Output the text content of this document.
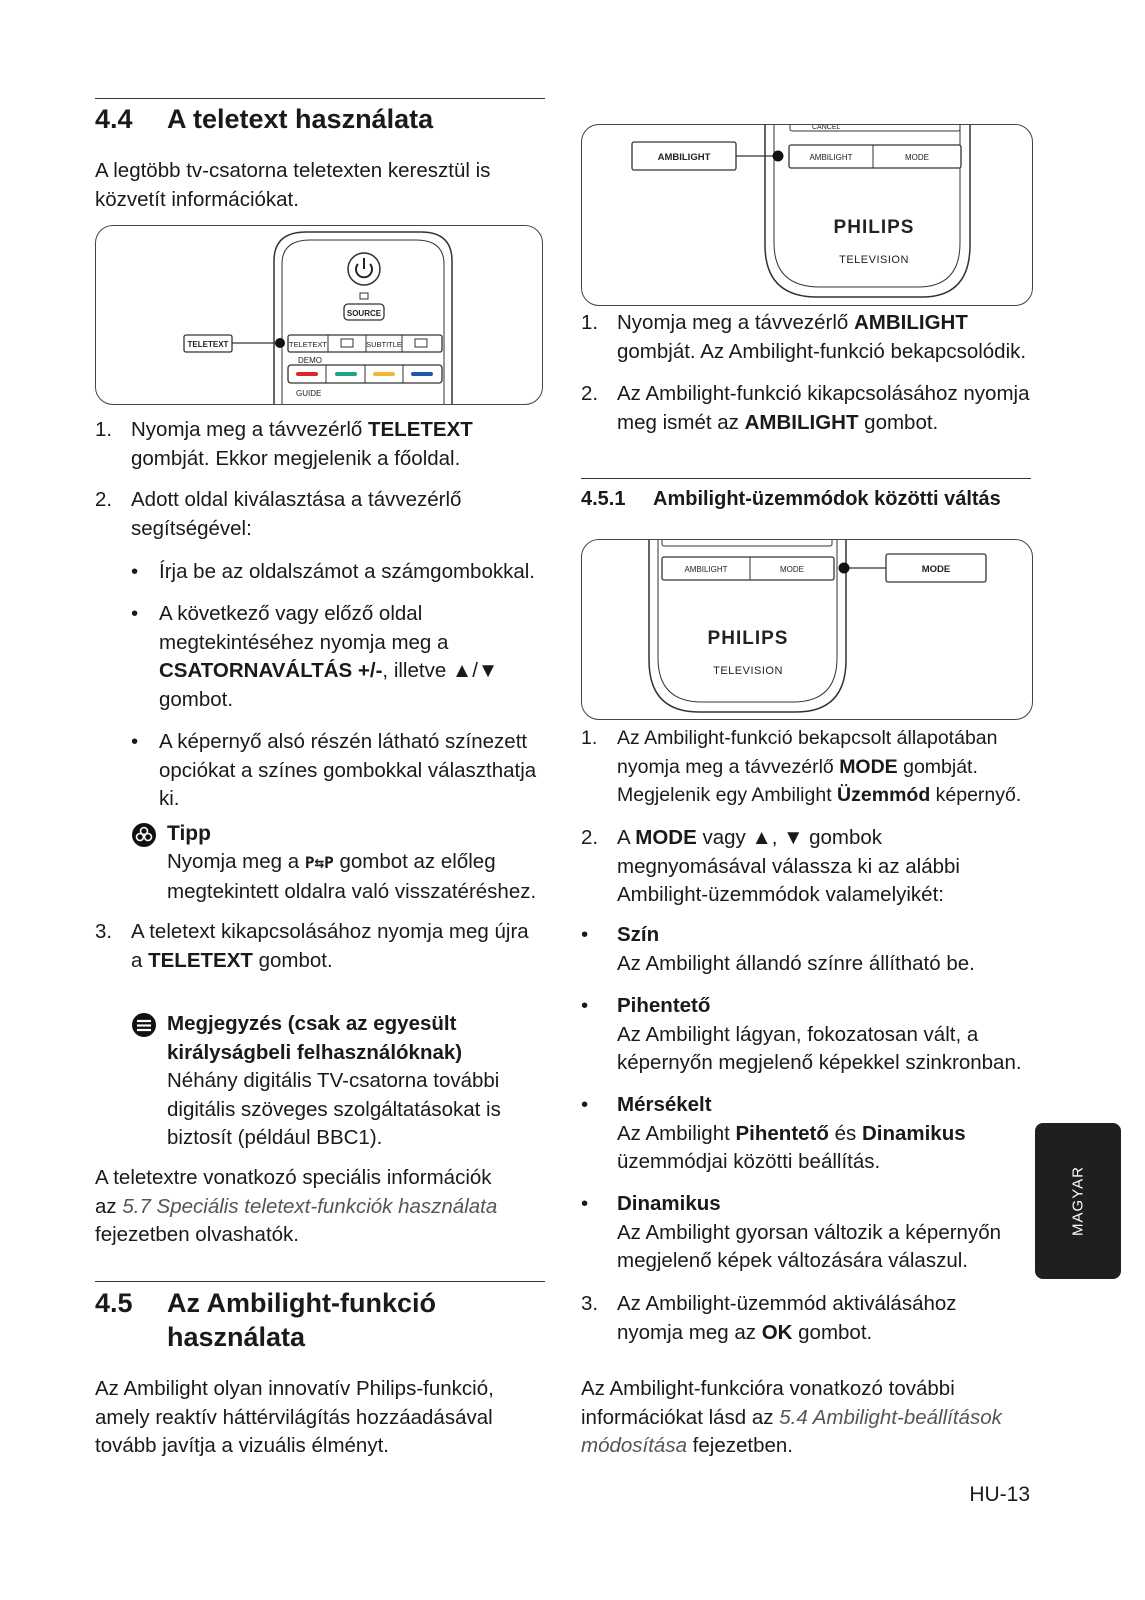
4.4 A teletext használata

A legtöbb tv-csatorna teletexten keresztül is közvetít információkat.

SOURCE
TELETEXT	SUBTITLE
DEMO
GUIDE
TELETEXT
1. Nyomja meg a távvezérlő TELETEXT
gombját. Ekkor megjelenik a főoldal.
2. Adott oldal kiválasztása a távvezérlő segítségével:
• Írja be az oldalszámot a számgombokkal.
• A következő vagy előző oldal megtekintéséhez nyomja meg a
CSATORNAVÁLTÁS +/-, illetve ▲/▼
gombot.
• A képernyő alsó részén látható színezett opciókat a színes gombokkal választhatja ki.
Tipp
Nyomja meg a P⇆P gombot az előleg
megtekintett oldalra való visszatéréshez.
3. A teletext kikapcsolásához nyomja meg újra
a TELETEXT gombot.
Megjegyzés (csak az egyesült
királyságbeli felhasználóknak)
Néhány digitális TV-csatorna további digitális szöveges szolgáltatásokat is biztosít (például BBC1).
A teletextre vonatkozó speciális információk
az 5.7 Speciális teletext-funkciók használata
fejezetben olvashatók.
4.5 Az Ambilight-funkció
használata

Az Ambilight olyan innovatív Philips-funkció, amely reaktív háttérvilágítás hozzáadásával tovább javítja a vizuális élményt.

CANCEL
AMBILIGHT	MODE
PHILIPS
TELEVISION
AMBILIGHT
1. Nyomja meg a távvezérlő AMBILIGHT
gombját. Az Ambilight-funkció bekapcsolódik.
2. Az Ambilight-funkció kikapcsolásához nyomja
meg ismét az AMBILIGHT gombot.
4.5.1 Ambilight-üzemmódok közötti váltás
AMBILIGHT	MODE
PHILIPS
TELEVISION
MODE
1. Az Ambilight-funkció bekapcsolt állapotában nyomja meg a távvezérlő MODE gombját. Megjelenik egy Ambilight Üzemmód képernyő.
2. A MODE vagy ▲, ▼ gombok megnyomásával válassza ki az alábbi Ambilight-üzemmódok valamelyikét:
• Szín
Az Ambilight állandó színre állítható be.
• Pihentető
Az Ambilight lágyan, fokozatosan vált, a képernyőn megjelenő képekkel szinkronban.
• Mérsékelt
Az Ambilight Pihentető és Dinamikus üzemmódjai közötti beállítás.
• Dinamikus
Az Ambilight gyorsan változik a képernyőn megjelenő képek változására válaszul.
3. Az Ambilight-üzemmód aktiválásához nyomja meg az OK gombot.
Az Ambilight-funkcióra vonatkozó további információkat lásd az 5.4 Ambilight-beállítások módosítása fejezetben.
MAGYAR
HU-13
